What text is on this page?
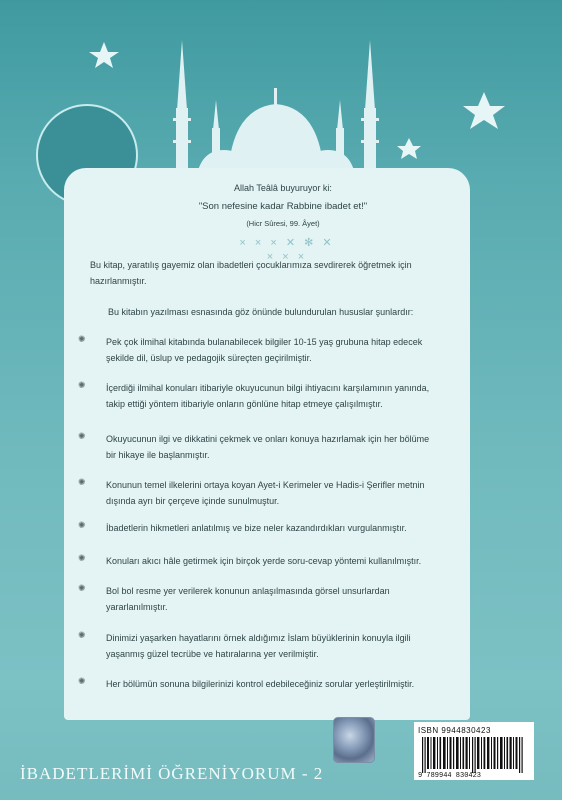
Allah Teâlâ buyuruyor ki:
"Son nefesine kadar Rabbine ibadet et!"
(Hicr Sûresi, 99. Âyet)
× × × ✕ ✻ ✕ × × ×
Bu kitap, yaratılış gayemiz olan ibadetleri çocuklarımıza sevdirerek öğretmek için
hazırlanmıştır.
Bu kitabın yazılması esnasında göz önünde bulundurulan hususlar şunlardır:
✺	Pek çok ilmihal kitabında bulanabilecek bilgiler 10-15 yaş grubuna hitap edecek
şekilde dil, üslup ve pedagojik süreçten geçirilmiştir.
✺	İçerdiği ilmihal konuları itibariyle okuyucunun bilgi ihtiyacını karşılamının yanında,
takip ettiği yöntem itibariyle onların gönlüne hitap etmeye çalışılmıştır.
✺	Okuyucunun ilgi ve dikkatini çekmek ve onları konuya hazırlamak için her bölüme
bir hikaye ile başlanmıştır.
✺	Konunun temel ilkelerini ortaya koyan Ayet-i Kerimeler ve Hadis-i Şerifler metnin
dışında ayrı bir çerçeve içinde sunulmuştur.
✺	İbadetlerin hikmetleri anlatılmış ve bize neler kazandırdıkları vurgulanmıştır.
✺	Konuları akıcı hâle getirmek için birçok yerde soru-cevap yöntemi kullanılmıştır.
✺	Bol bol resme yer verilerek konunun anlaşılmasında görsel unsurlardan
yararlanılmıştır.
✺	Dinimizi yaşarken hayatlarını örnek aldığımız İslam büyüklerinin konuyla ilgili
yaşanmış güzel tecrübe ve hatıralarına yer verilmiştir.
✺	Her bölümün sonuna bilgilerinizi kontrol edebileceğiniz sorular yerleştirilmiştir.
ISBN 9944830423
9 789944 830423
İBADETLERİMİ ÖĞRENİYORUM - 2
